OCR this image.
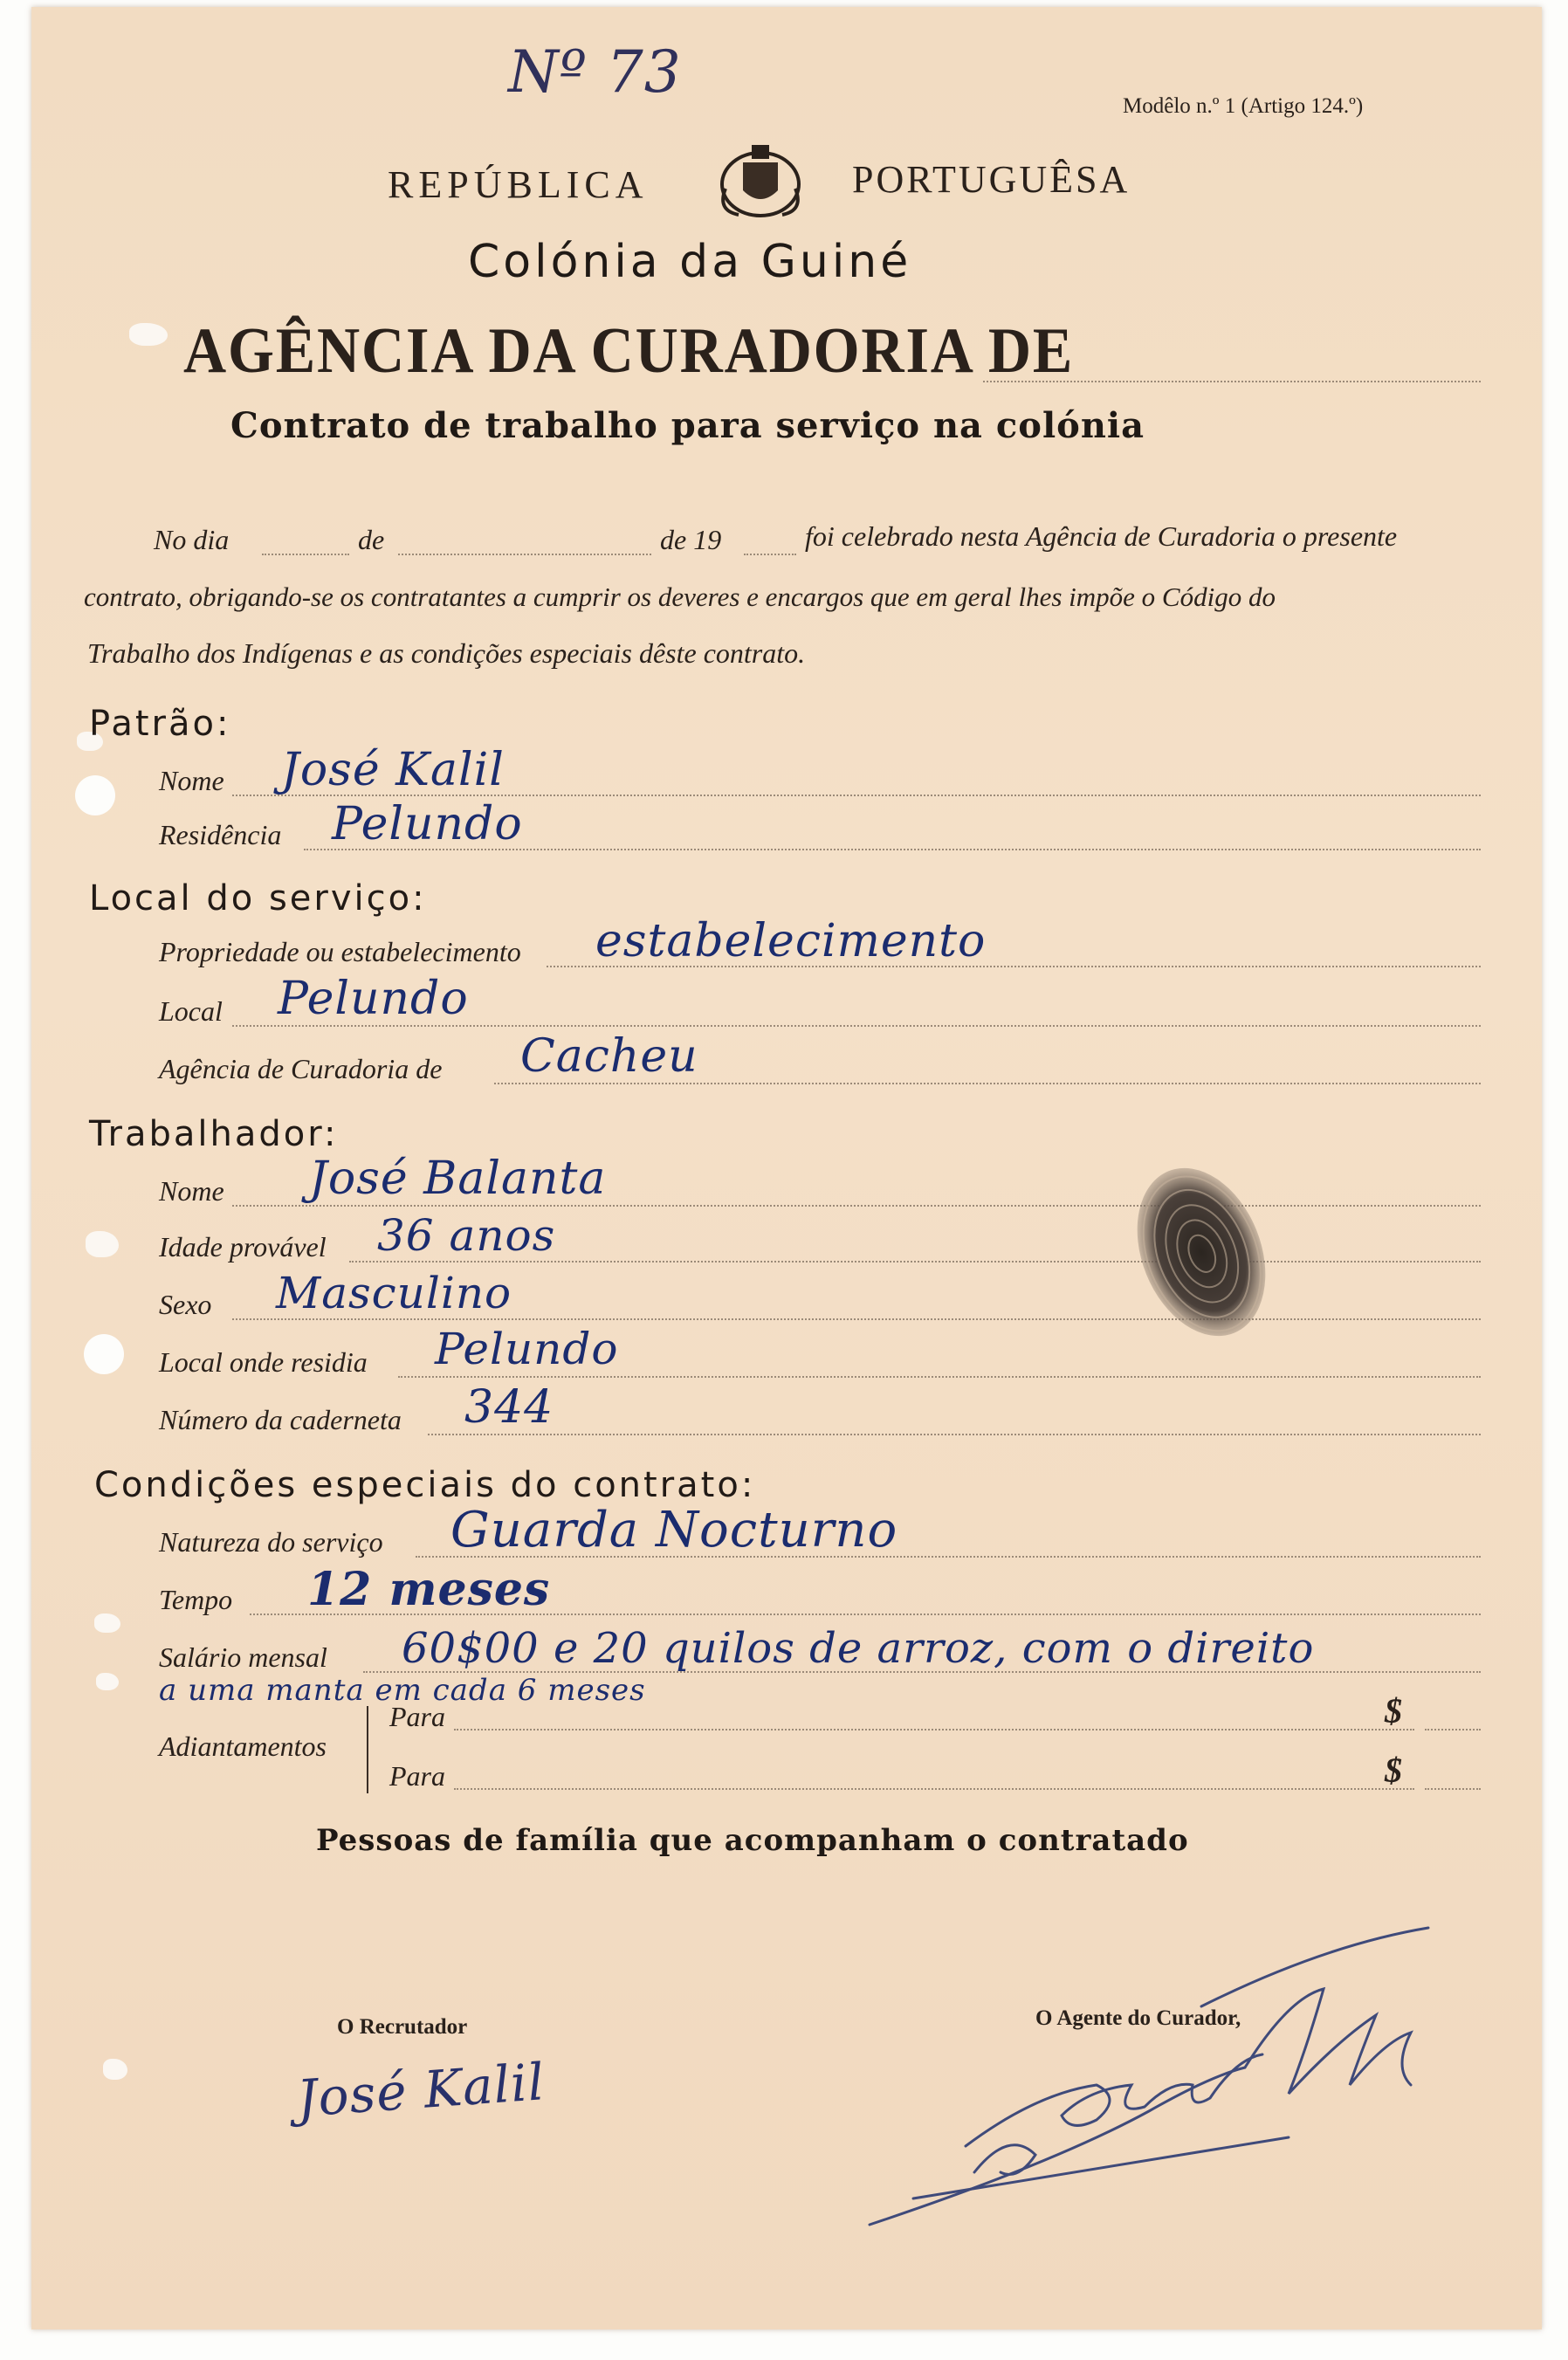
Nº 73
Modêlo n.º 1 (Artigo 124.º)
REPÚBLICA	PORTUGUÊSA
Colónia da Guiné
AGÊNCIA DA CURADORIA DE
Contrato de trabalho para serviço na colónia
No dia	de	de 19	foi celebrado nesta Agência de Curadoria o presente
contrato, obrigando-se os contratantes a cumprir os deveres e encargos que em geral lhes impõe o Código do
Trabalho dos Indígenas e as condições especiais dêste contrato.
Patrão:
Nome José Kalil
Residência Pelundo
Local do serviço:
Propriedade ou estabelecimento estabelecimento
Local Pelundo
Agência de Curadoria de Cacheu
Trabalhador:
Nome José Balanta
Idade provável 36 anos
Sexo Masculino
Local onde residia Pelundo
Número da caderneta 344
Condições especiais do contrato:
Natureza do serviço Guarda Nocturno
Tempo 12 meses
Salário mensal 60$00 e 20 quilos de arroz, com o direito
a uma manta em cada 6 meses
Adiantamentos
Para	$
Para	$
Pessoas de família que acompanham o contratado
O Recrutador
José Kalil
O Agente do Curador,
